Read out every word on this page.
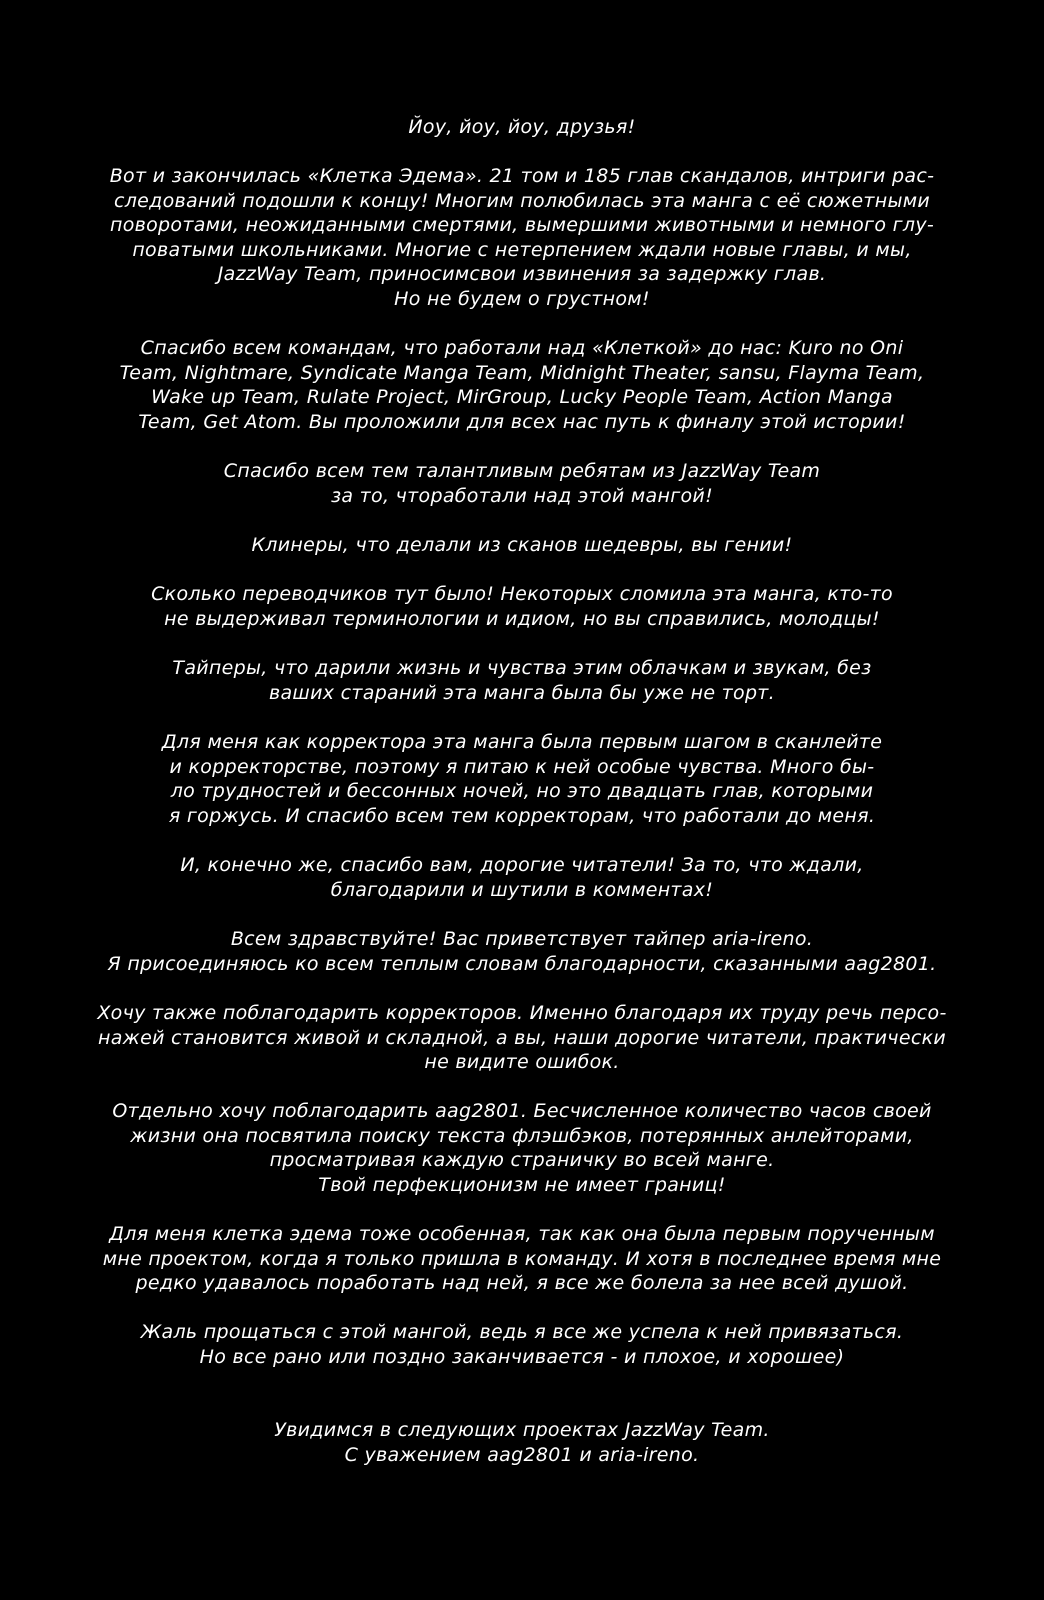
Йоу, йоу, йоу, друзья!
Вот и закончилась «Клетка Эдема». 21 том и 185 глав скандалов, интриги рас-
следований подошли к концу! Многим полюбилась эта манга с её сюжетными
поворотами, неожиданными смертями, вымершими животными и немного глу-
поватыми школьниками. Многие с нетерпением ждали новые главы, и мы,
JazzWay Team, приносимсвои извинения за задержку глав.
Но не будем о грустном!
Спасибо всем командам, что работали над «Клеткой» до нас: Kuro no Oni
Team, Nightmare, Syndicate Manga Team, Midnight Theater, sansu, Flayma Team,
Wake up Team, Rulate Project, MirGroup, Lucky People Team, Action Manga
Team, Get Atom. Вы проложили для всех нас путь к финалу этой истории!
Спасибо всем тем талантливым ребятам из JazzWay Team
за то, чтоработали над этой мангой!
Клинеры, что делали из сканов шедевры, вы гении!
Сколько переводчиков тут было! Некоторых сломила эта манга, кто-то
не выдерживал терминологии и идиом, но вы справились, молодцы!
Тайперы, что дарили жизнь и чувства этим облачкам и звукам, без
ваших стараний эта манга была бы уже не торт.
Для меня как корректора эта манга была первым шагом в сканлейте
и корректорстве, поэтому я питаю к ней особые чувства. Много бы-
ло трудностей и бессонных ночей, но это двадцать глав, которыми
я горжусь. И спасибо всем тем корректорам, что работали до меня.
И, конечно же, спасибо вам, дорогие читатели! За то, что ждали,
благодарили и шутили в комментах!
Всем здравствуйте! Вас приветствует тайпер aria-ireno.
Я присоединяюсь ко всем теплым словам благодарности, сказанными aag2801.
Хочу также поблагодарить корректоров. Именно благодаря их труду речь персо-
нажей становится живой и складной, а вы, наши дорогие читатели, практически
не видите ошибок.
Отдельно хочу поблагодарить aag2801. Бесчисленное количество часов своей
жизни она посвятила поиску текста флэшбэков, потерянных анлейторами,
просматривая каждую страничку во всей манге.
Твой перфекционизм не имеет границ!
Для меня клетка эдема тоже особенная, так как она была первым порученным
мне проектом, когда я только пришла в команду. И хотя в последнее время мне
редко удавалось поработать над ней, я все же болела за нее всей душой.
Жаль прощаться с этой мангой, ведь я все же успела к ней привязаться.
Но все рано или поздно заканчивается - и плохое, и хорошее)
Увидимся в следующих проектах JazzWay Team.
С уважением aag2801 и aria-ireno.
